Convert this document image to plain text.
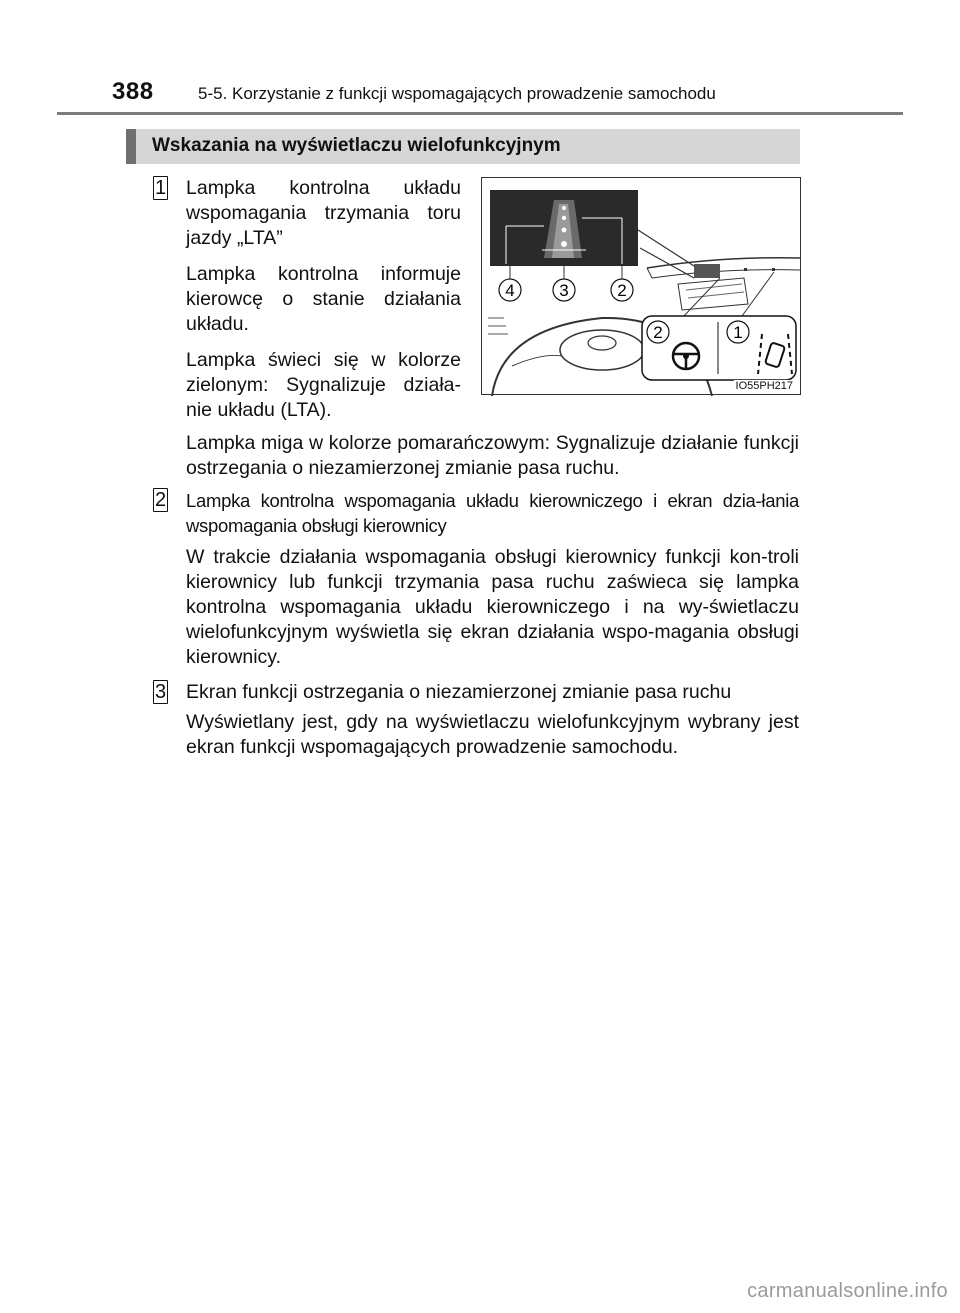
388	5-5. Korzystanie z funkcji wspomagających prowadzenie samochodu
Wskazania na wyświetlaczu wielofunkcyjnym
1	Lampka kontrolna układu wspomagania trzymania toru jazdy „LTA”
Lampka kontrolna informuje kierowcę o stanie działania układu.
Lampka świeci się w kolorze zielonym: Sygnalizuje działa-nie układu (LTA).
Lampka miga w kolorze pomarańczowym: Sygnalizuje działanie funkcji ostrzegania o niezamierzonej zmianie pasa ruchu.
4	3	2
2	1
IO55PH217
2	Lampka kontrolna wspomagania układu kierowniczego i ekran dzia-łania wspomagania obsługi kierownicy
W trakcie działania wspomagania obsługi kierownicy funkcji kon-troli kierownicy lub funkcji trzymania pasa ruchu zaświeca się lampka kontrolna wspomagania układu kierowniczego i na wy-świetlaczu wielofunkcyjnym wyświetla się ekran działania wspo-magania obsługi kierownicy.
3	Ekran funkcji ostrzegania o niezamierzonej zmianie pasa ruchu
Wyświetlany jest, gdy na wyświetlaczu wielofunkcyjnym wybrany jest ekran funkcji wspomagających prowadzenie samochodu.
carmanualsonline.info
